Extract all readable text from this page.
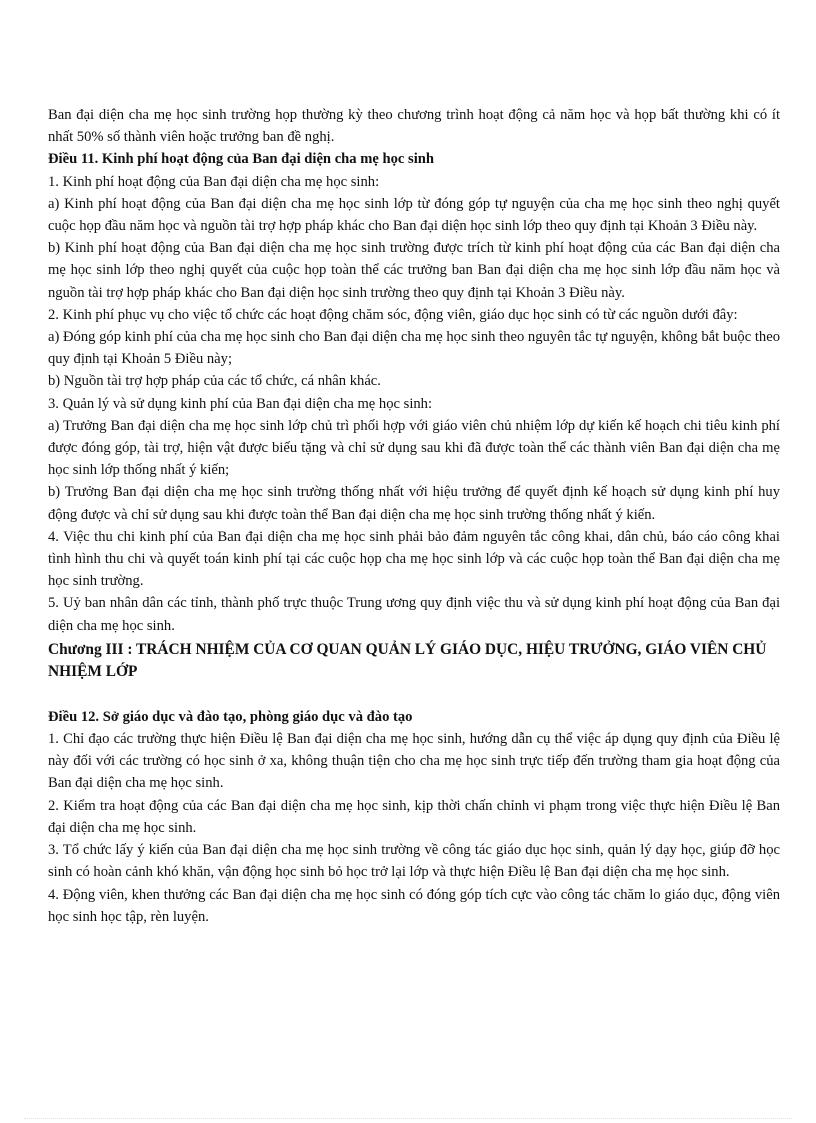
Ban đại diện cha mẹ học sinh trường họp thường kỳ theo chương trình hoạt động cả năm học và họp bất thường khi có ít nhất 50% số thành viên hoặc trưởng ban đề nghị.

Điều 11. Kinh phí hoạt động của Ban đại diện cha mẹ học sinh

1. Kinh phí hoạt động của Ban đại diện cha mẹ học sinh:

a) Kinh phí hoạt động của Ban đại diện cha mẹ học sinh lớp từ đóng góp tự nguyện của cha mẹ học sinh theo nghị quyết cuộc họp đầu năm học và nguồn tài trợ hợp pháp khác cho Ban đại diện học sinh lớp theo quy định tại Khoản 3 Điều này.

b) Kinh phí hoạt động của Ban đại diện cha mẹ học sinh trường được trích từ kinh phí hoạt động của các Ban đại diện cha mẹ học sinh lớp theo nghị quyết của cuộc họp toàn thể các trưởng ban Ban đại diện cha mẹ học sinh lớp đầu năm học và nguồn tài trợ hợp pháp khác cho Ban đại diện học sinh trường theo quy định tại Khoản 3 Điều này.

2. Kinh phí phục vụ cho việc tổ chức các hoạt động chăm sóc, động viên, giáo dục học sinh có từ các nguồn dưới đây:

a) Đóng góp kinh phí của cha mẹ học sinh cho Ban đại diện cha mẹ học sinh theo nguyên tắc tự nguyện, không bắt buộc theo quy định tại Khoản 5 Điều này;

b) Nguồn tài trợ hợp pháp của các tổ chức, cá nhân khác.

3. Quản lý và sử dụng kinh phí của Ban đại diện cha mẹ học sinh:

a) Trưởng Ban đại diện cha mẹ học sinh lớp chủ trì phối hợp với giáo viên chủ nhiệm lớp dự kiến kế hoạch chi tiêu kinh phí được đóng góp, tài trợ, hiện vật được biếu tặng và chỉ sử dụng sau khi đã được toàn thể các thành viên Ban đại diện cha mẹ học sinh lớp thống nhất ý kiến;

b) Trưởng Ban đại diện cha mẹ học sinh trường thống nhất với hiệu trưởng để quyết định kế hoạch sử dụng kinh phí huy động được và chỉ sử dụng sau khi được toàn thể Ban đại diện cha mẹ học sinh trường thống nhất ý kiến.

4. Việc thu chi kinh phí của Ban đại diện cha mẹ học sinh phải bảo đảm nguyên tắc công khai, dân chủ, báo cáo công khai tình hình thu chi và quyết toán kinh phí tại các cuộc họp cha mẹ học sinh lớp và các cuộc họp toàn thể Ban đại diện cha mẹ học sinh trường.

5. Uỷ ban nhân dân các tỉnh, thành phố trực thuộc Trung ương quy định việc thu và sử dụng kinh phí hoạt động của Ban đại diện cha mẹ học sinh.

Chương III : TRÁCH NHIỆM CỦA CƠ QUAN QUẢN LÝ GIÁO DỤC, HIỆU TRƯỞNG, GIÁO VIÊN CHỦ NHIỆM LỚP

Điều 12. Sở giáo dục và đào tạo, phòng giáo dục và đào tạo

1. Chỉ đạo các trường thực hiện Điều lệ Ban đại diện cha mẹ học sinh, hướng dẫn cụ thể việc áp dụng quy định của Điều lệ này đối với các trường có học sinh ở xa, không thuận tiện cho cha mẹ học sinh trực tiếp đến trường tham gia hoạt động của Ban đại diện cha mẹ học sinh.

2. Kiểm tra hoạt động của các Ban đại diện cha mẹ học sinh, kịp thời chấn chỉnh vi phạm trong việc thực hiện Điều lệ Ban đại diện cha mẹ học sinh.

3. Tổ chức lấy ý kiến của Ban đại diện cha mẹ học sinh trường về công tác giáo dục học sinh, quản lý dạy học, giúp đỡ học sinh có hoàn cảnh khó khăn, vận động học sinh bỏ học trở lại lớp và thực hiện Điều lệ Ban đại diện cha mẹ học sinh.

4. Động viên, khen thưởng các Ban đại diện cha mẹ học sinh có đóng góp tích cực vào công tác chăm lo giáo dục, động viên học sinh học tập, rèn luyện.
